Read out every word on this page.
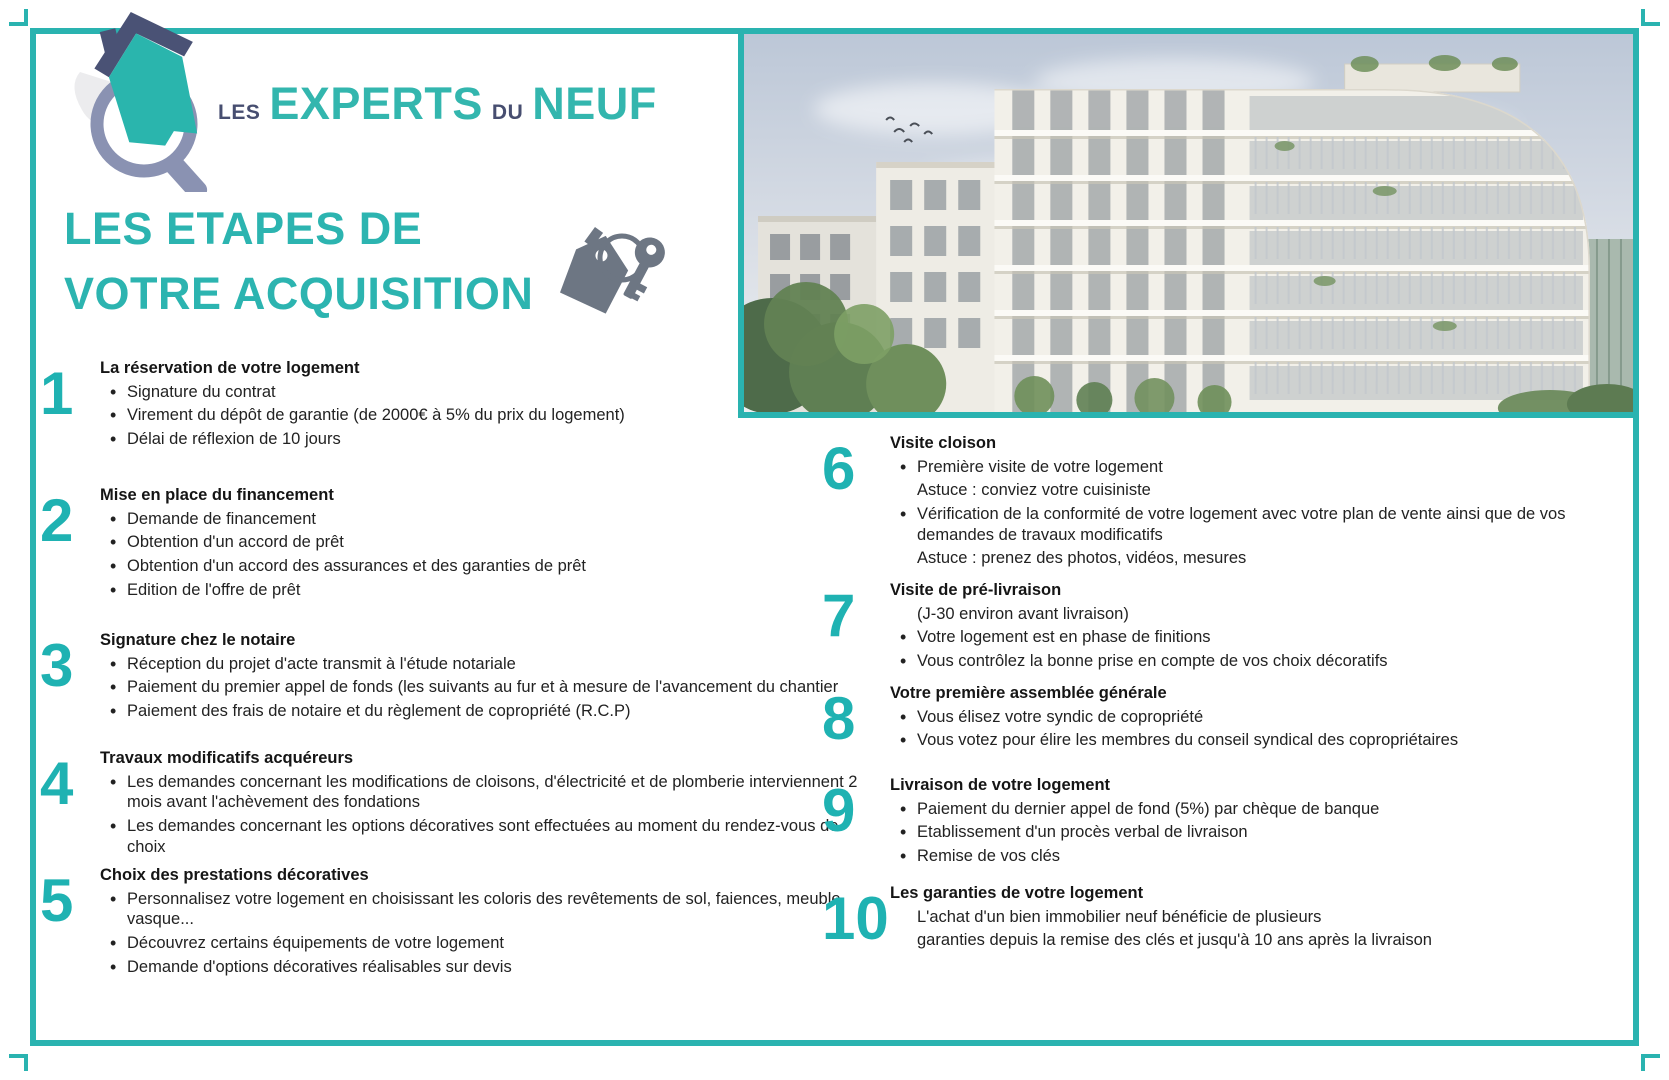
LES EXPERTS DU NEUF
LES ETAPES DE
VOTRE ACQUISITION
1	La réservation de votre logement
• Signature du contrat
• Virement du dépôt de garantie (de 2000€ à 5% du prix du logement)
• Délai de réflexion de 10 jours
2	Mise en place du financement
• Demande de financement
• Obtention d'un accord de prêt
• Obtention d'un accord des assurances et des garanties de prêt
• Edition de l'offre de prêt
3	Signature chez le notaire
• Réception du projet d'acte transmit à l'étude notariale
• Paiement du premier appel de fonds (les suivants au fur et à mesure de l'avancement du chantier
• Paiement des frais de notaire et du règlement de copropriété (R.C.P)
4	Travaux modificatifs acquéreurs
• Les demandes concernant les modifications de cloisons, d'électricité et de plomberie interviennent 2 mois avant l'achèvement des fondations
• Les demandes concernant les options décoratives sont effectuées au moment du rendez-vous de choix
5	Choix des prestations décoratives
• Personnalisez votre logement en choisissant les coloris des revêtements de sol, faiences, meuble vasque...
• Découvrez certains équipements de votre logement
• Demande d'options décoratives réalisables sur devis
6	Visite cloison
• Première visite de votre logement
Astuce : conviez votre cuisiniste
• Vérification de la conformité de votre logement avec votre plan de vente ainsi que de vos demandes de travaux modificatifs
Astuce : prenez des photos, vidéos, mesures
7	Visite de pré-livraison
(J-30 environ avant livraison)
• Votre logement est en phase de finitions
• Vous contrôlez la bonne prise en compte de vos choix décoratifs
8	Votre première assemblée générale
• Vous élisez votre syndic de copropriété
• Vous votez pour élire les membres du conseil syndical des copropriétaires
9	Livraison de votre logement
• Paiement du dernier appel de fond (5%) par chèque de banque
• Etablissement d'un procès verbal de livraison
• Remise de vos clés
10 Les garanties de votre logement
L'achat d'un bien immobilier neuf bénéficie de plusieurs
garanties depuis la remise des clés et jusqu'à 10 ans après la livraison
